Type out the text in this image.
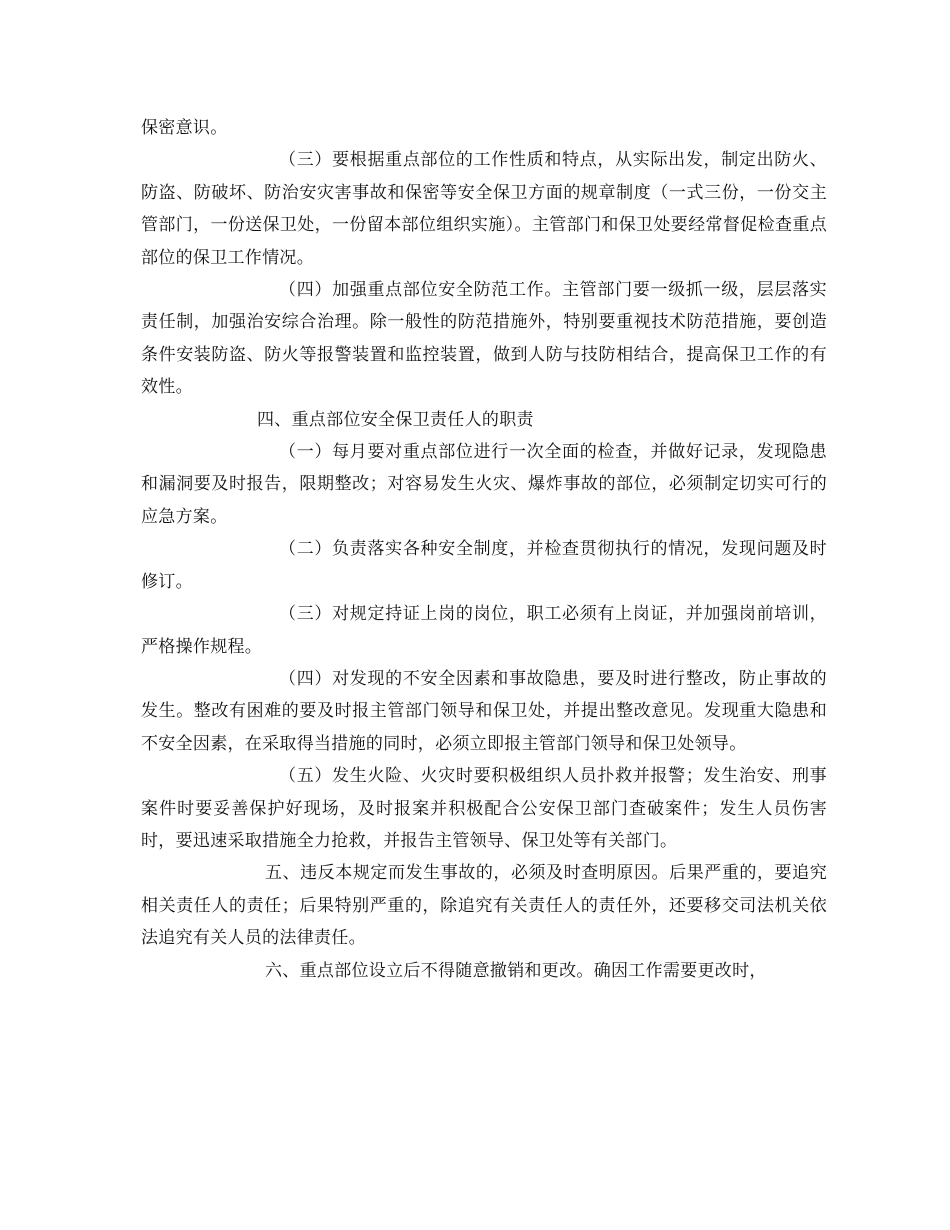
保密意识。

（三）要根据重点部位的工作性质和特点，从实际出发，制定出防火、防盗、防破坏、防治安灾害事故和保密等安全保卫方面的规章制度（一式三份，一份交主管部门，一份送保卫处，一份留本部位组织实施）。主管部门和保卫处要经常督促检查重点部位的保卫工作情况。

（四）加强重点部位安全防范工作。主管部门要一级抓一级，层层落实责任制，加强治安综合治理。除一般性的防范措施外，特别要重视技术防范措施，要创造条件安装防盗、防火等报警装置和监控装置，做到人防与技防相结合，提高保卫工作的有效性。

四、重点部位安全保卫责任人的职责

（一）每月要对重点部位进行一次全面的检查，并做好记录，发现隐患和漏洞要及时报告，限期整改；对容易发生火灾、爆炸事故的部位，必须制定切实可行的应急方案。

（二）负责落实各种安全制度，并检查贯彻执行的情况，发现问题及时修订。

（三）对规定持证上岗的岗位，职工必须有上岗证，并加强岗前培训，严格操作规程。

（四）对发现的不安全因素和事故隐患，要及时进行整改，防止事故的发生。整改有困难的要及时报主管部门领导和保卫处，并提出整改意见。发现重大隐患和不安全因素，在采取得当措施的同时，必须立即报主管部门领导和保卫处领导。

（五）发生火险、火灾时要积极组织人员扑救并报警；发生治安、刑事案件时要妥善保护好现场，及时报案并积极配合公安保卫部门查破案件；发生人员伤害时，要迅速采取措施全力抢救，并报告主管领导、保卫处等有关部门。

五、违反本规定而发生事故的，必须及时查明原因。后果严重的，要追究相关责任人的责任；后果特别严重的，除追究有关责任人的责任外，还要移交司法机关依法追究有关人员的法律责任。

六、重点部位设立后不得随意撤销和更改。确因工作需要更改时，
